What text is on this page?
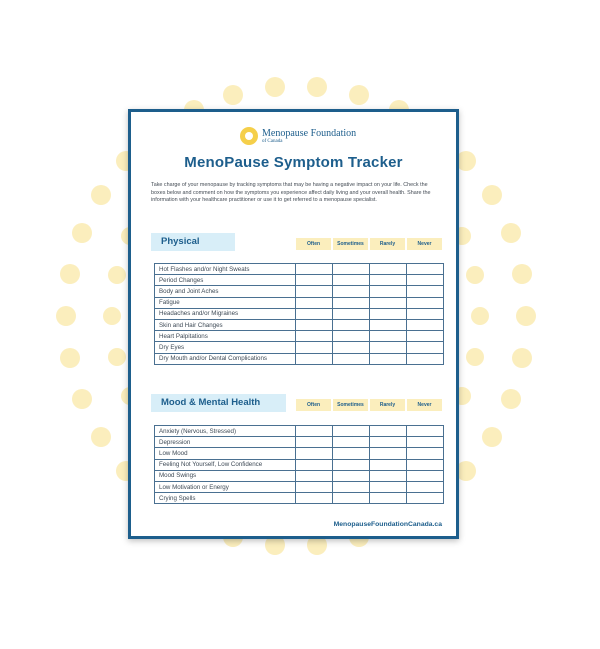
Menopause Foundation
of Canada
MenoPause Symptom Tracker
Take charge of your menopause by tracking symptoms that may be having a negative impact on your life. Check the boxes below and comment on how the symptoms you experience affect daily living and your overall health. Share the information with your healthcare practitioner or use it to get referred to a menopause specialist.
Physical	Often	Sometimes	Rarely	Never
Hot Flashes and/or Night Sweats				
Period Changes				
Body and Joint Aches				
Fatigue				
Headaches and/or Migraines				
Skin and Hair Changes				
Heart Palpitations				
Dry Eyes				
Dry Mouth and/or Dental Complications				
Mood & Mental Health	Often	Sometimes	Rarely	Never
Anxiety (Nervous, Stressed)				
Depression				
Low Mood				
Feeling Not Yourself, Low Confidence				
Mood Swings				
Low Motivation or Energy				
Crying Spells				
MenopauseFoundationCanada.ca
